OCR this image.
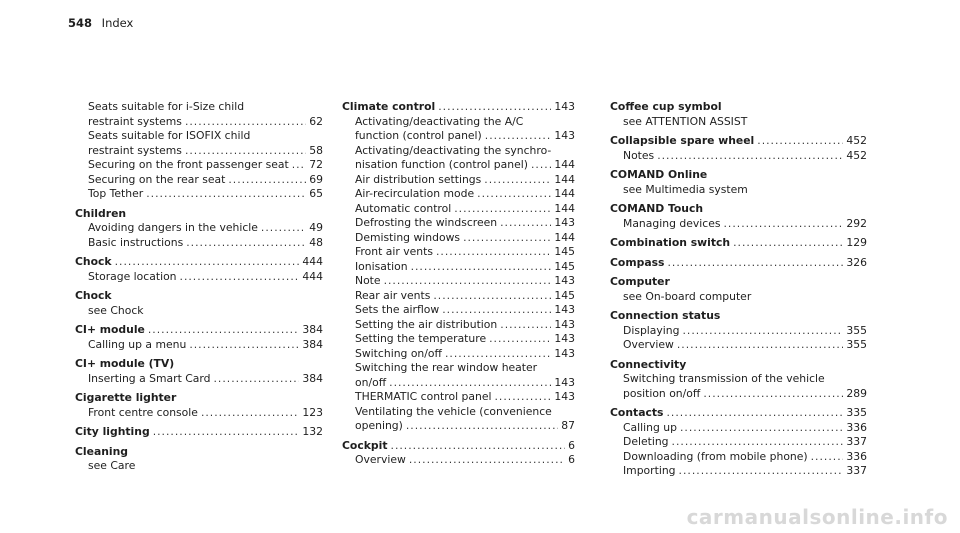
548 Index
Seats suitable for i-Size child
restraint systems .....	62
Seats suitable for ISOFIX child
restraint systems .....	58
Securing on the front passenger seat ..... 72
Securing on the rear seat .....	69
Top Tether .....	65
Children
Avoiding dangers in the vehicle .....	49
Basic instructions .....	48
Chock .....	444
Storage location .....	444
Chock
see Chock
CI+ module .....	384
Calling up a menu .....	384
CI+ module (TV)
Inserting a Smart Card .....	384
Cigarette lighter
Front centre console .....	123
City lighting .....	132
Cleaning
see Care
Climate control .....	143
Activating/deactivating the A/C
function (control panel) .....	143
Activating/deactivating the synchro-
nisation function (control panel) ..... 144
Air distribution settings .....	144
Air-recirculation mode .....	144
Automatic control .....	144
Defrosting the windscreen .....	143
Demisting windows .....	144
Front air vents .....	145
Ionisation .....	145
Note .....	143
Rear air vents .....	145
Sets the airflow .....	143
Setting the air distribution .....	143
Setting the temperature .....	143
Switching on/off .....	143
Switching the rear window heater
on/off .....	143
THERMATIC control panel .....	143
Ventilating the vehicle (convenience
opening) .....	87
Cockpit .....	6
Overview .....	6
Coffee cup symbol
see ATTENTION ASSIST
Collapsible spare wheel .....	452
Notes .....	452
COMAND Online
see Multimedia system
COMAND Touch
Managing devices .....	292
Combination switch .....	129
Compass .....	326
Computer
see On-board computer
Connection status
Displaying .....	355
Overview .....	355
Connectivity
Switching transmission of the vehicle
position on/off .....	289
Contacts .....	335
Calling up .....	336
Deleting .....	337
Downloading (from mobile phone) .....	336
Importing .....	337
carmanualsonline.info
